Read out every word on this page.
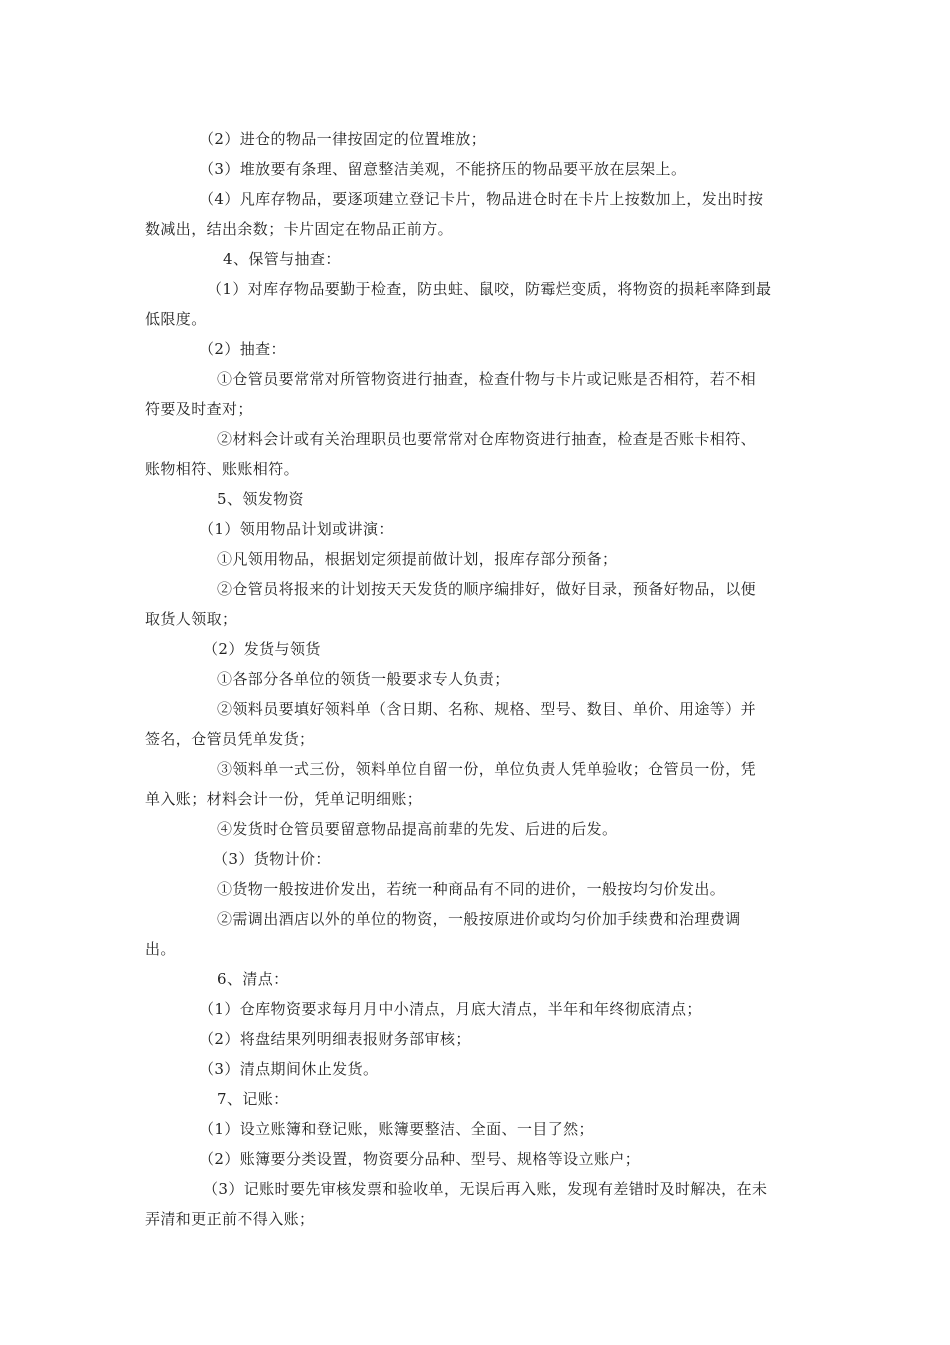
（2）进仓的物品一律按固定的位置堆放；
（3）堆放要有条理、留意整洁美观，不能挤压的物品要平放在层架上。
（4）凡库存物品，要逐项建立登记卡片，物品进仓时在卡片上按数加上，发出时按
数减出，结出余数；卡片固定在物品正前方。
4、保管与抽查：
（1）对库存物品要勤于检查，防虫蛀、鼠咬，防霉烂变质，将物资的损耗率降到最
低限度。
（2）抽查：
①仓管员要常常对所管物资进行抽查，检查什物与卡片或记账是否相符，若不相
符要及时查对；
②材料会计或有关治理职员也要常常对仓库物资进行抽查，检查是否账卡相符、
账物相符、账账相符。
5、领发物资
（1）领用物品计划或讲演：
①凡领用物品，根据划定须提前做计划，报库存部分预备；
②仓管员将报来的计划按天天发货的顺序编排好，做好目录，预备好物品，以便
取货人领取；
（2）发货与领货
①各部分各单位的领货一般要求专人负责；
②领料员要填好领料单（含日期、名称、规格、型号、数目、单价、用途等）并
签名，仓管员凭单发货；
③领料单一式三份，领料单位自留一份，单位负责人凭单验收；仓管员一份，凭
单入账；材料会计一份，凭单记明细账；
④发货时仓管员要留意物品提高前辈的先发、后进的后发。
（3）货物计价：
①货物一般按进价发出，若统一种商品有不同的进价，一般按均匀价发出。
②需调出酒店以外的单位的物资，一般按原进价或均匀价加手续费和治理费调
出。
6、清点：
（1）仓库物资要求每月月中小清点，月底大清点，半年和年终彻底清点；
（2）将盘结果列明细表报财务部审核；
（3）清点期间休止发货。
7、记账：
（1）设立账簿和登记账，账簿要整洁、全面、一目了然；
（2）账簿要分类设置，物资要分品种、型号、规格等设立账户；
（3）记账时要先审核发票和验收单，无误后再入账，发现有差错时及时解决，在未
弄清和更正前不得入账；
